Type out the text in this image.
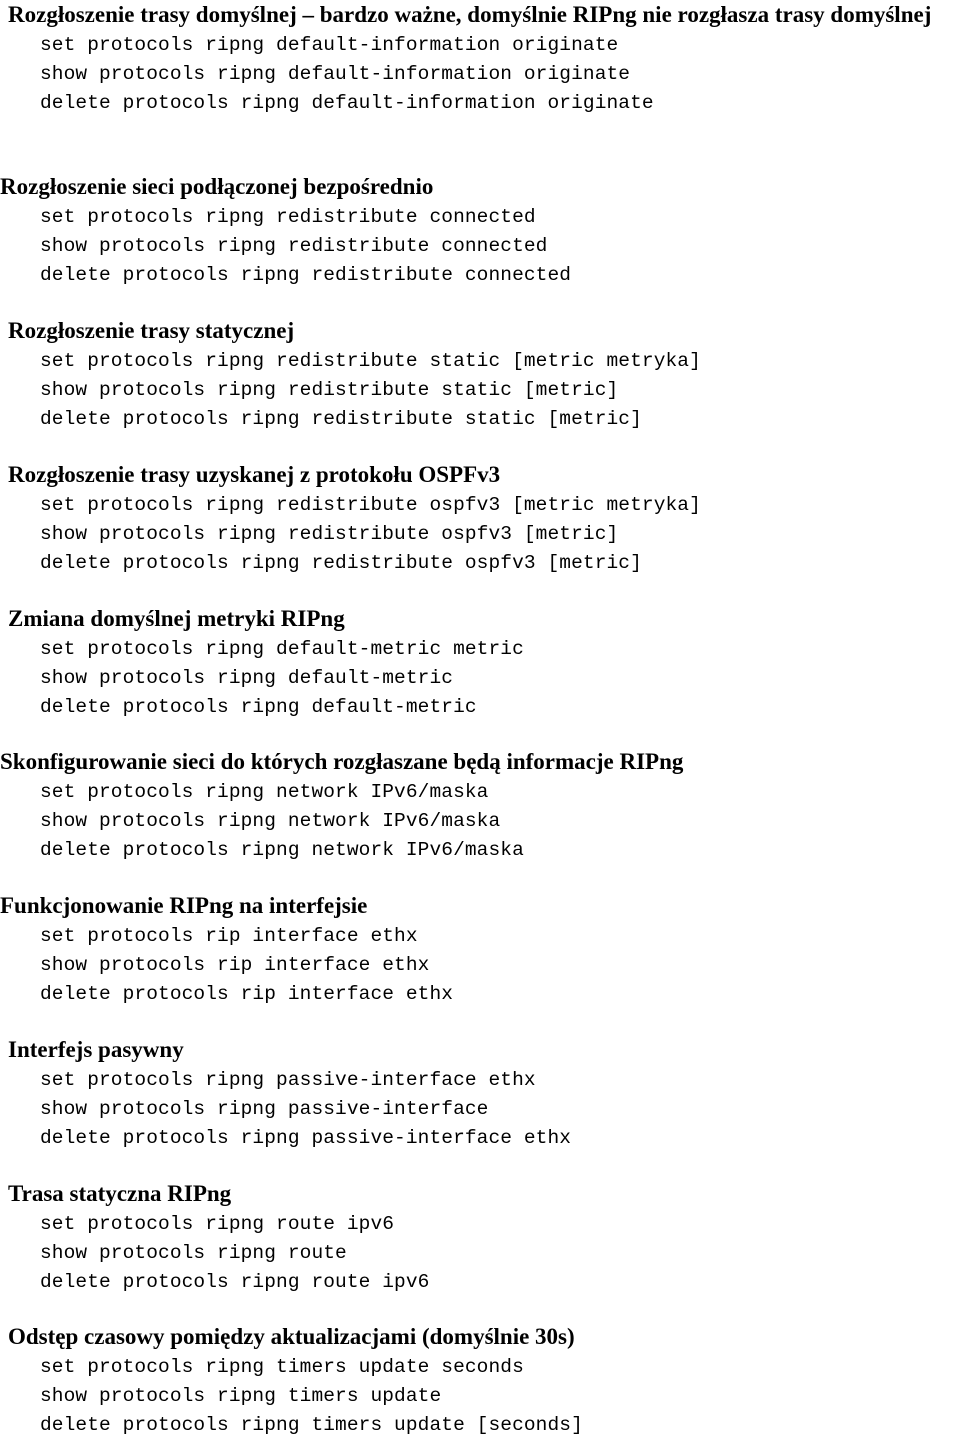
Rozgłoszenie trasy domyślnej – bardzo ważne, domyślnie RIPng nie rozgłasza trasy domyślnej
set protocols ripng default-information originate
show protocols ripng default-information originate
delete protocols ripng default-information originate
Rozgłoszenie sieci podłączonej bezpośrednio
set protocols ripng redistribute connected
show protocols ripng redistribute connected
delete protocols ripng redistribute connected
Rozgłoszenie trasy statycznej
set protocols ripng redistribute static [metric metryka]
show protocols ripng redistribute static [metric]
delete protocols ripng redistribute static [metric]
Rozgłoszenie trasy uzyskanej z protokołu OSPFv3
set protocols ripng redistribute ospfv3 [metric metryka]
show protocols ripng redistribute ospfv3 [metric]
delete protocols ripng redistribute ospfv3 [metric]
Zmiana domyślnej metryki RIPng
set protocols ripng default-metric metric
show protocols ripng default-metric
delete protocols ripng default-metric
Skonfigurowanie sieci do których rozgłaszane będą informacje RIPng
set protocols ripng network IPv6/maska
show protocols ripng network IPv6/maska
delete protocols ripng network IPv6/maska
Funkcjonowanie RIPng na interfejsie
set protocols rip interface ethx
show protocols rip interface ethx
delete protocols rip interface ethx
Interfejs pasywny
set protocols ripng passive-interface ethx
show protocols ripng passive-interface
delete protocols ripng passive-interface ethx
Trasa statyczna RIPng
set protocols ripng route ipv6
show protocols ripng route
delete protocols ripng route ipv6
Odstęp czasowy pomiędzy aktualizacjami (domyślnie 30s)
set protocols ripng timers update seconds
show protocols ripng timers update
delete protocols ripng timers update [seconds]
